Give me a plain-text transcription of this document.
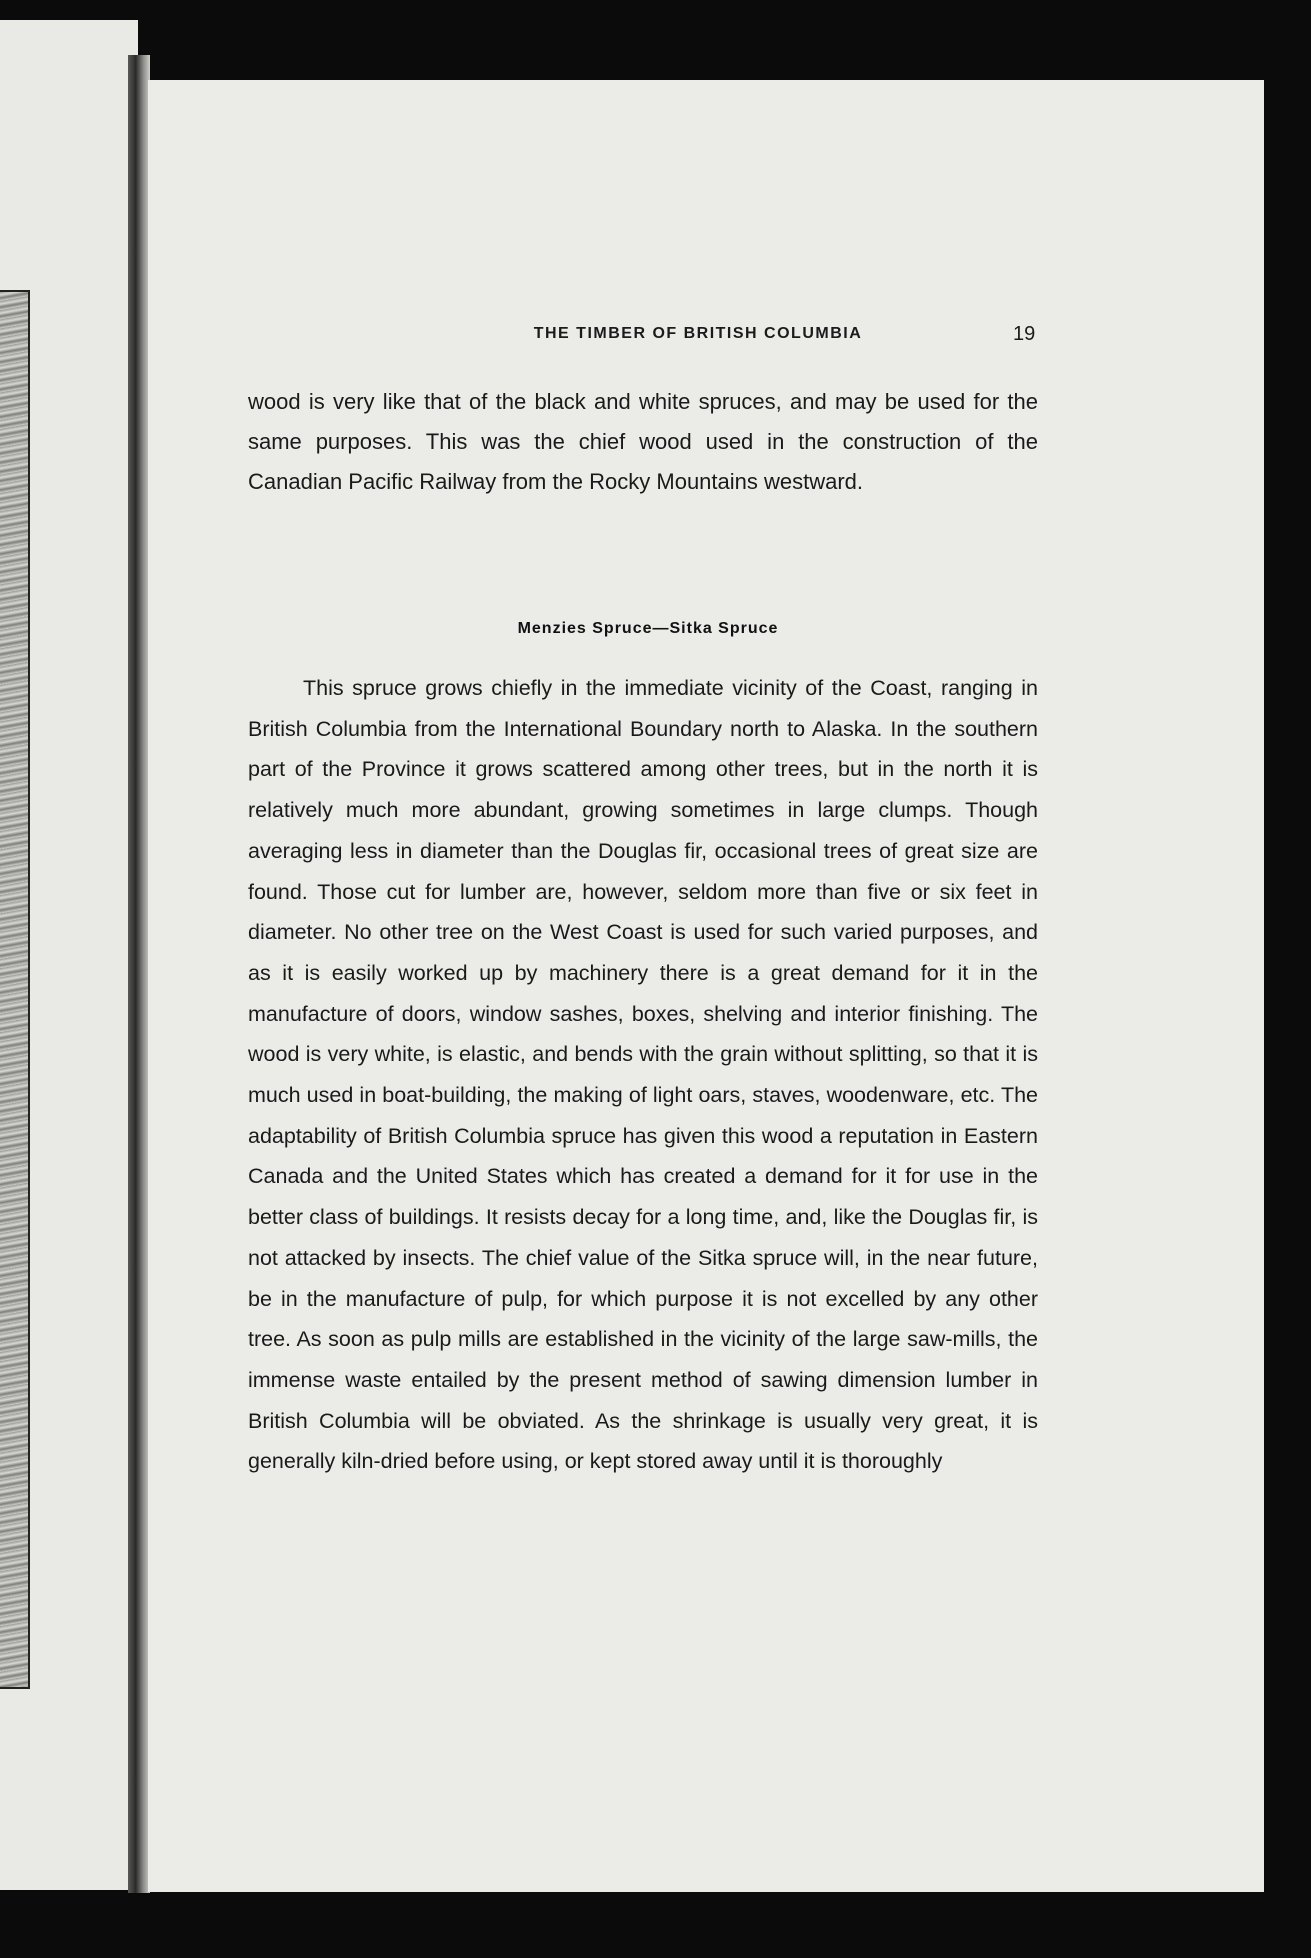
THE TIMBER OF BRITISH COLUMBIA	19
wood is very like that of the black and white spruces, and may be used for the same purposes. This was the chief wood used in the construction of the Canadian Pacific Railway from the Rocky Mountains westward.
Menzies Spruce—Sitka Spruce
This spruce grows chiefly in the immediate vicinity of the Coast, ranging in British Columbia from the International Boundary north to Alaska. In the southern part of the Province it grows scattered among other trees, but in the north it is relatively much more abundant, growing sometimes in large clumps. Though averaging less in diameter than the Douglas fir, occasional trees of great size are found. Those cut for lumber are, however, seldom more than five or six feet in diameter. No other tree on the West Coast is used for such varied purposes, and as it is easily worked up by machinery there is a great demand for it in the manufacture of doors, window sashes, boxes, shelving and interior finishing. The wood is very white, is elastic, and bends with the grain without splitting, so that it is much used in boat-building, the making of light oars, staves, woodenware, etc. The adaptability of British Columbia spruce has given this wood a reputation in Eastern Canada and the United States which has created a demand for it for use in the better class of buildings. It resists decay for a long time, and, like the Douglas fir, is not attacked by insects. The chief value of the Sitka spruce will, in the near future, be in the manufacture of pulp, for which purpose it is not excelled by any other tree. As soon as pulp mills are established in the vicinity of the large saw-mills, the immense waste entailed by the present method of sawing dimension lumber in British Columbia will be obviated. As the shrinkage is usually very great, it is generally kiln-dried before using, or kept stored away until it is thoroughly
